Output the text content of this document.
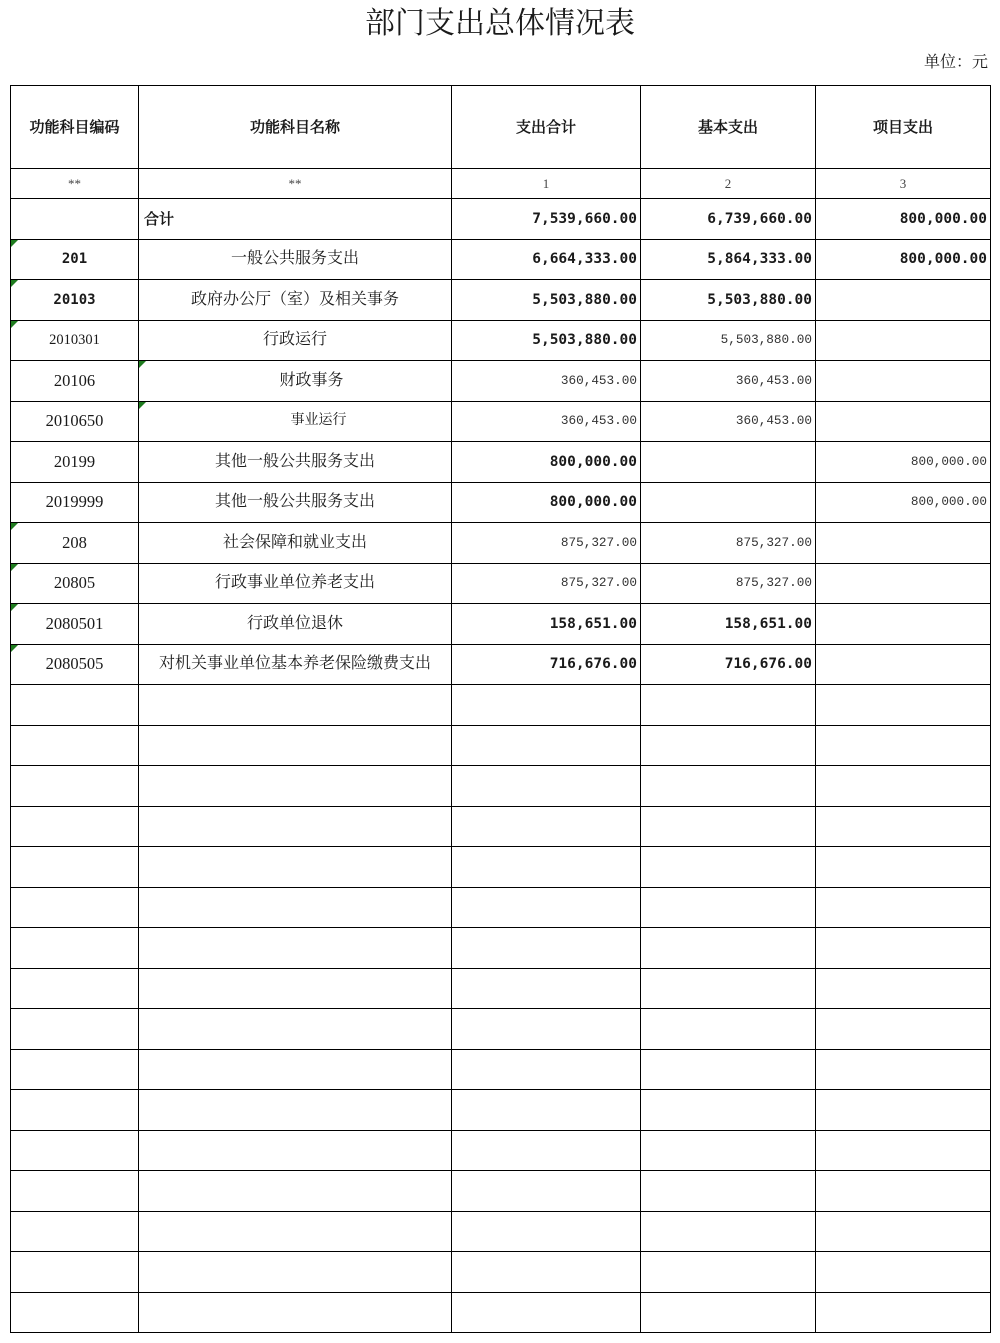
部门支出总体情况表
单位：元
功能科目编码	功能科目名称	支出合计	基本支出	项目支出
**	**	1	2	3
	合计	7,539,660.00	6,739,660.00	800,000.00

201	一般公共服务支出	6,664,333.00	5,864,333.00	800,000.00

20103	政府办公厅（室）及相关事务	5,503,880.00	5,503,880.00	

2010301	行政运行	5,503,880.00	5,503,880.00	
20106	财政事务	360,453.00	360,453.00	
2010650	事业运行	360,453.00	360,453.00	
20199	其他一般公共服务支出	800,000.00		800,000.00
2019999	其他一般公共服务支出	800,000.00		800,000.00

208	社会保障和就业支出	875,327.00	875,327.00	

20805	行政事业单位养老支出	875,327.00	875,327.00	

2080501	行政单位退休	158,651.00	158,651.00	

2080505	对机关事业单位基本养老保险缴费支出	716,676.00	716,676.00	
